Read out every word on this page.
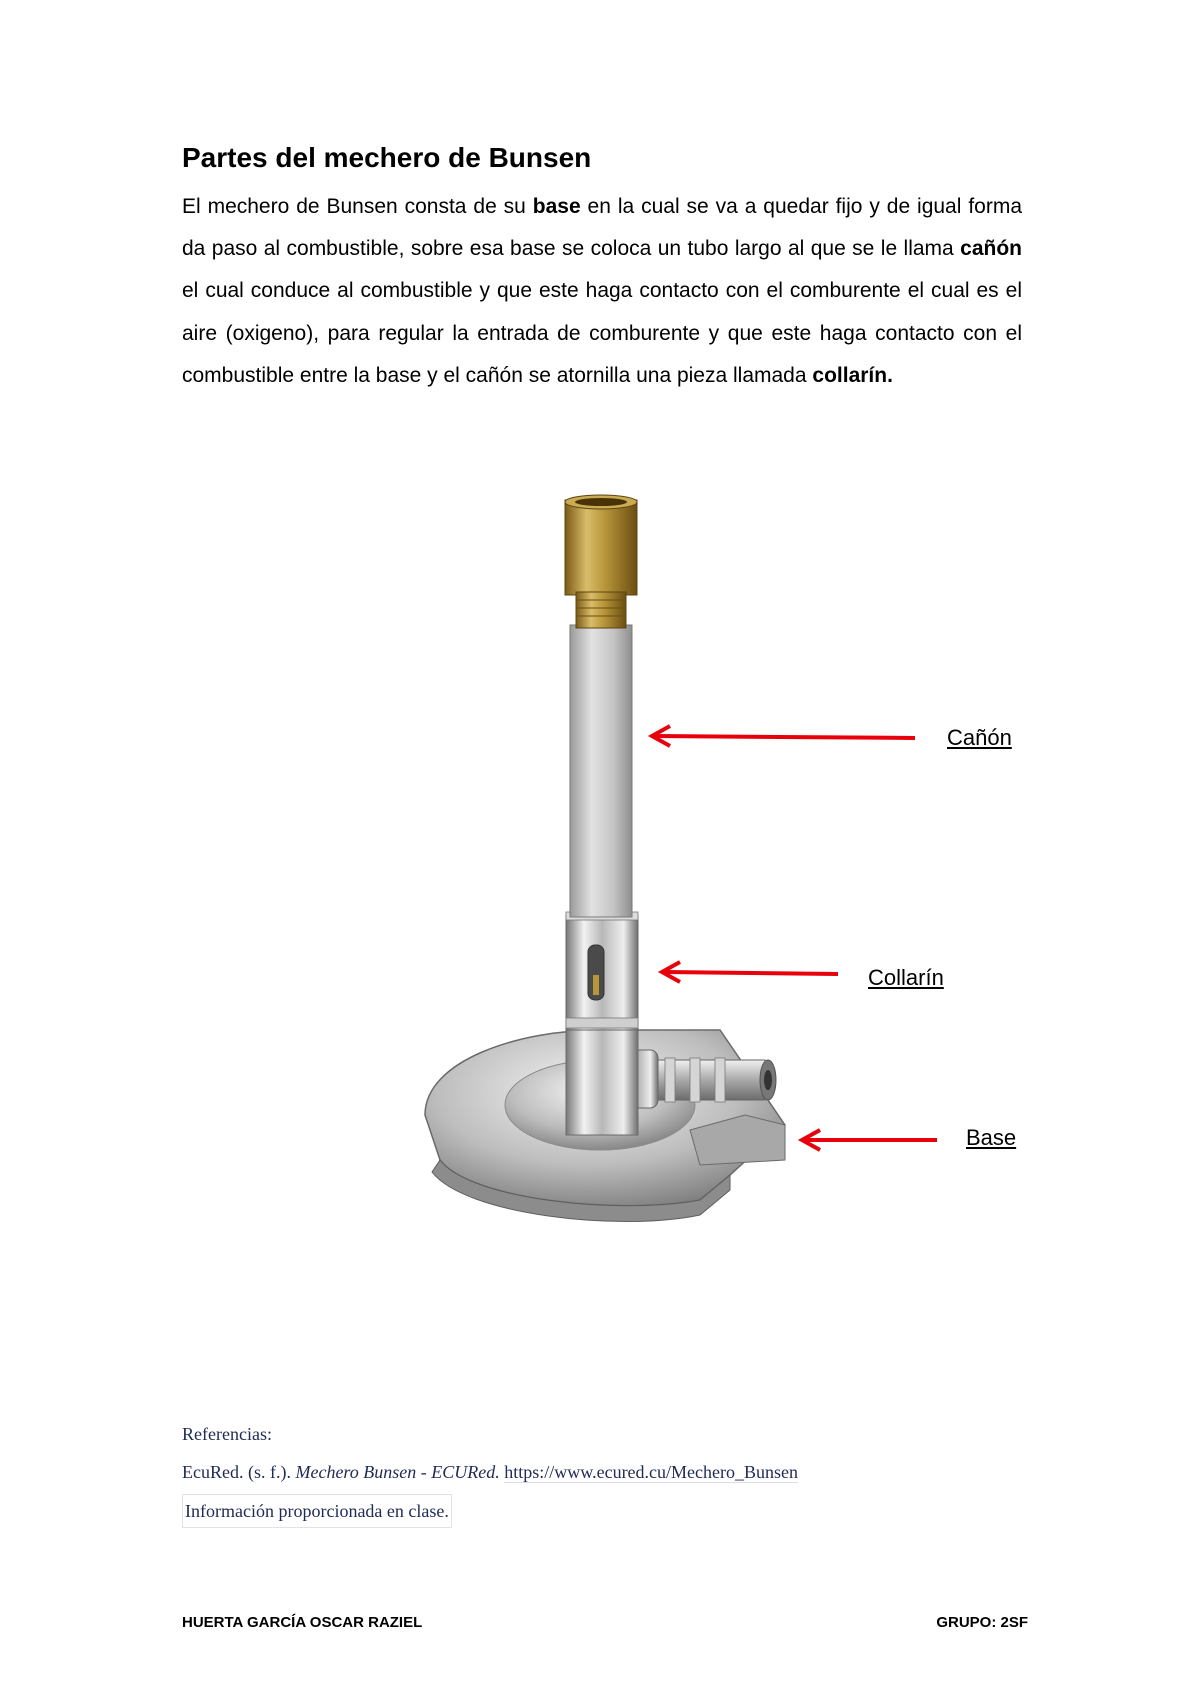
Partes del mechero de Bunsen

El mechero de Bunsen consta de su base en la cual se va a quedar fijo y de igual forma da paso al combustible, sobre esa base se coloca un tubo largo al que se le llama cañón el cual conduce al combustible y que este haga contacto con el comburente el cual es el aire (oxigeno), para regular la entrada de comburente y que este haga contacto con el combustible entre la base y el cañón se atornilla una pieza llamada collarín.

Cañón
Collarín
Base
Referencias:
EcuRed. (s. f.). Mechero Bunsen - ECURed. https://www.ecured.cu/Mechero_Bunsen
Información proporcionada en clase.
HUERTA GARCÍA OSCAR RAZIEL	GRUPO: 2SF
